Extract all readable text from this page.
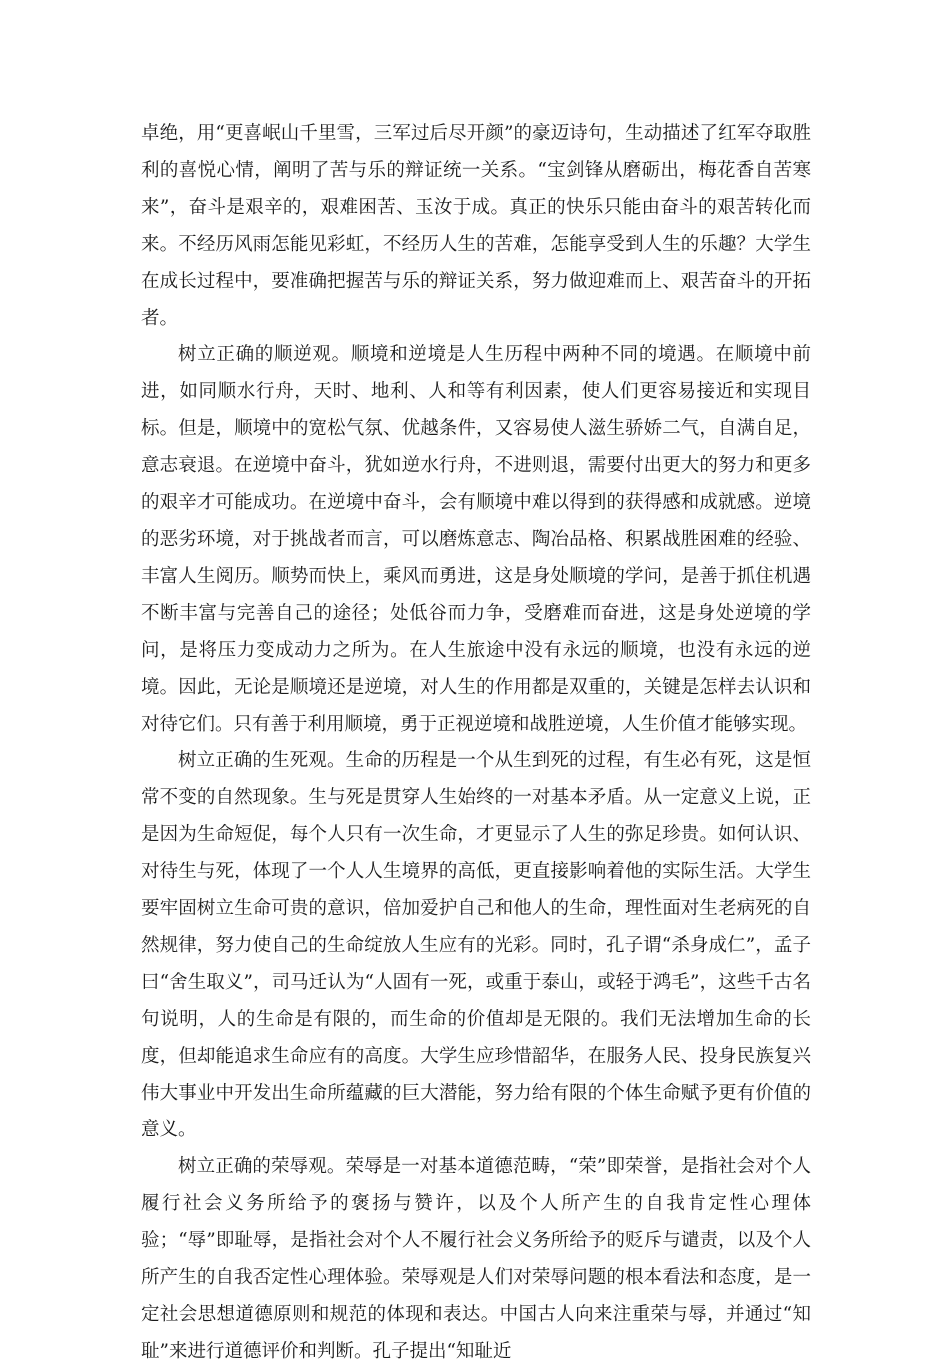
卓绝，用“更喜岷山千里雪，三军过后尽开颜”的豪迈诗句，生动描述了红军夺取胜利的喜悦心情，阐明了苦与乐的辩证统一关系。“宝剑锋从磨砺出，梅花香自苦寒来”，奋斗是艰辛的，艰难困苦、玉汝于成。真正的快乐只能由奋斗的艰苦转化而来。不经历风雨怎能见彩虹，不经历人生的苦难，怎能享受到人生的乐趣？大学生在成长过程中，要准确把握苦与乐的辩证关系，努力做迎难而上、艰苦奋斗的开拓者。

树立正确的顺逆观。顺境和逆境是人生历程中两种不同的境遇。在顺境中前进，如同顺水行舟，天时、地利、人和等有利因素，使人们更容易接近和实现目标。但是，顺境中的宽松气氛、优越条件，又容易使人滋生骄娇二气，自满自足，意志衰退。在逆境中奋斗，犹如逆水行舟，不进则退，需要付出更大的努力和更多的艰辛才可能成功。在逆境中奋斗，会有顺境中难以得到的获得感和成就感。逆境的恶劣环境，对于挑战者而言，可以磨炼意志、陶冶品格、积累战胜困难的经验、丰富人生阅历。顺势而快上，乘风而勇进，这是身处顺境的学问，是善于抓住机遇不断丰富与完善自己的途径；处低谷而力争，受磨难而奋进，这是身处逆境的学问，是将压力变成动力之所为。在人生旅途中没有永远的顺境，也没有永远的逆境。因此，无论是顺境还是逆境，对人生的作用都是双重的，关键是怎样去认识和对待它们。只有善于利用顺境，勇于正视逆境和战胜逆境，人生价值才能够实现。

树立正确的生死观。生命的历程是一个从生到死的过程，有生必有死，这是恒常不变的自然现象。生与死是贯穿人生始终的一对基本矛盾。从一定意义上说，正是因为生命短促，每个人只有一次生命，才更显示了人生的弥足珍贵。如何认识、对待生与死，体现了一个人人生境界的高低，更直接影响着他的实际生活。大学生要牢固树立生命可贵的意识，倍加爱护自己和他人的生命，理性面对生老病死的自然规律，努力使自己的生命绽放人生应有的光彩。同时，孔子谓“杀身成仁”，孟子曰“舍生取义”，司马迁认为“人固有一死，或重于泰山，或轻于鸿毛”，这些千古名句说明，人的生命是有限的，而生命的价值却是无限的。我们无法增加生命的长度，但却能追求生命应有的高度。大学生应珍惜韶华，在服务人民、投身民族复兴伟大事业中开发出生命所蕴藏的巨大潜能，努力给有限的个体生命赋予更有价值的意义。

树立正确的荣辱观。荣辱是一对基本道德范畴，“荣”即荣誉，是指社会对个人履行社会义务所给予的褒扬与赞许，以及个人所产生的自我肯定性心理体验；“辱”即耻辱，是指社会对个人不履行社会义务所给予的贬斥与谴责，以及个人所产生的自我否定性心理体验。荣辱观是人们对荣辱问题的根本看法和态度，是一定社会思想道德原则和规范的体现和表达。中国古人向来注重荣与辱，并通过“知耻”来进行道德评价和判断。孔子提出“知耻近
